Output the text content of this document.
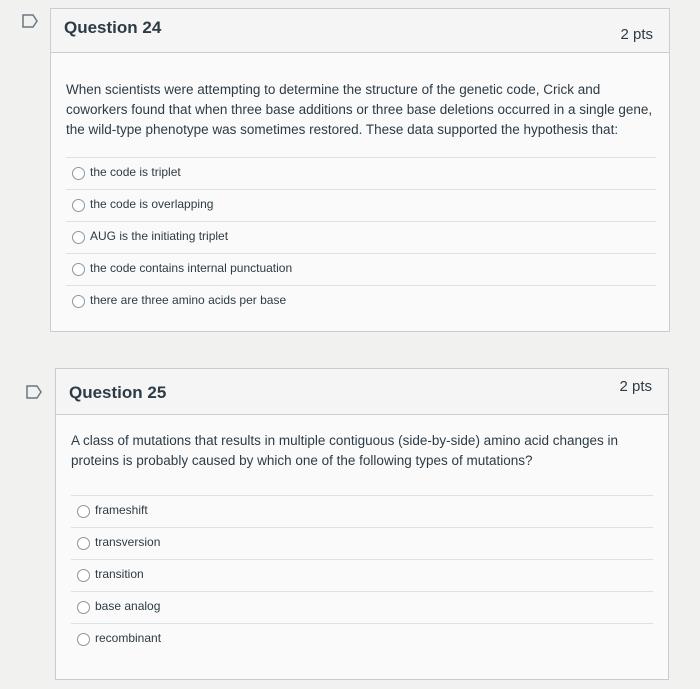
Question 24	2 pts
When scientists were attempting to determine the structure of the genetic code, Crick and coworkers found that when three base additions or three base deletions occurred in a single gene, the wild-type phenotype was sometimes restored. These data supported the hypothesis that:
the code is triplet
the code is overlapping
AUG is the initiating triplet
the code contains internal punctuation
there are three amino acids per base
Question 25	2 pts
A class of mutations that results in multiple contiguous (side-by-side) amino acid changes in proteins is probably caused by which one of the following types of mutations?
frameshift
transversion
transition
base analog
recombinant
